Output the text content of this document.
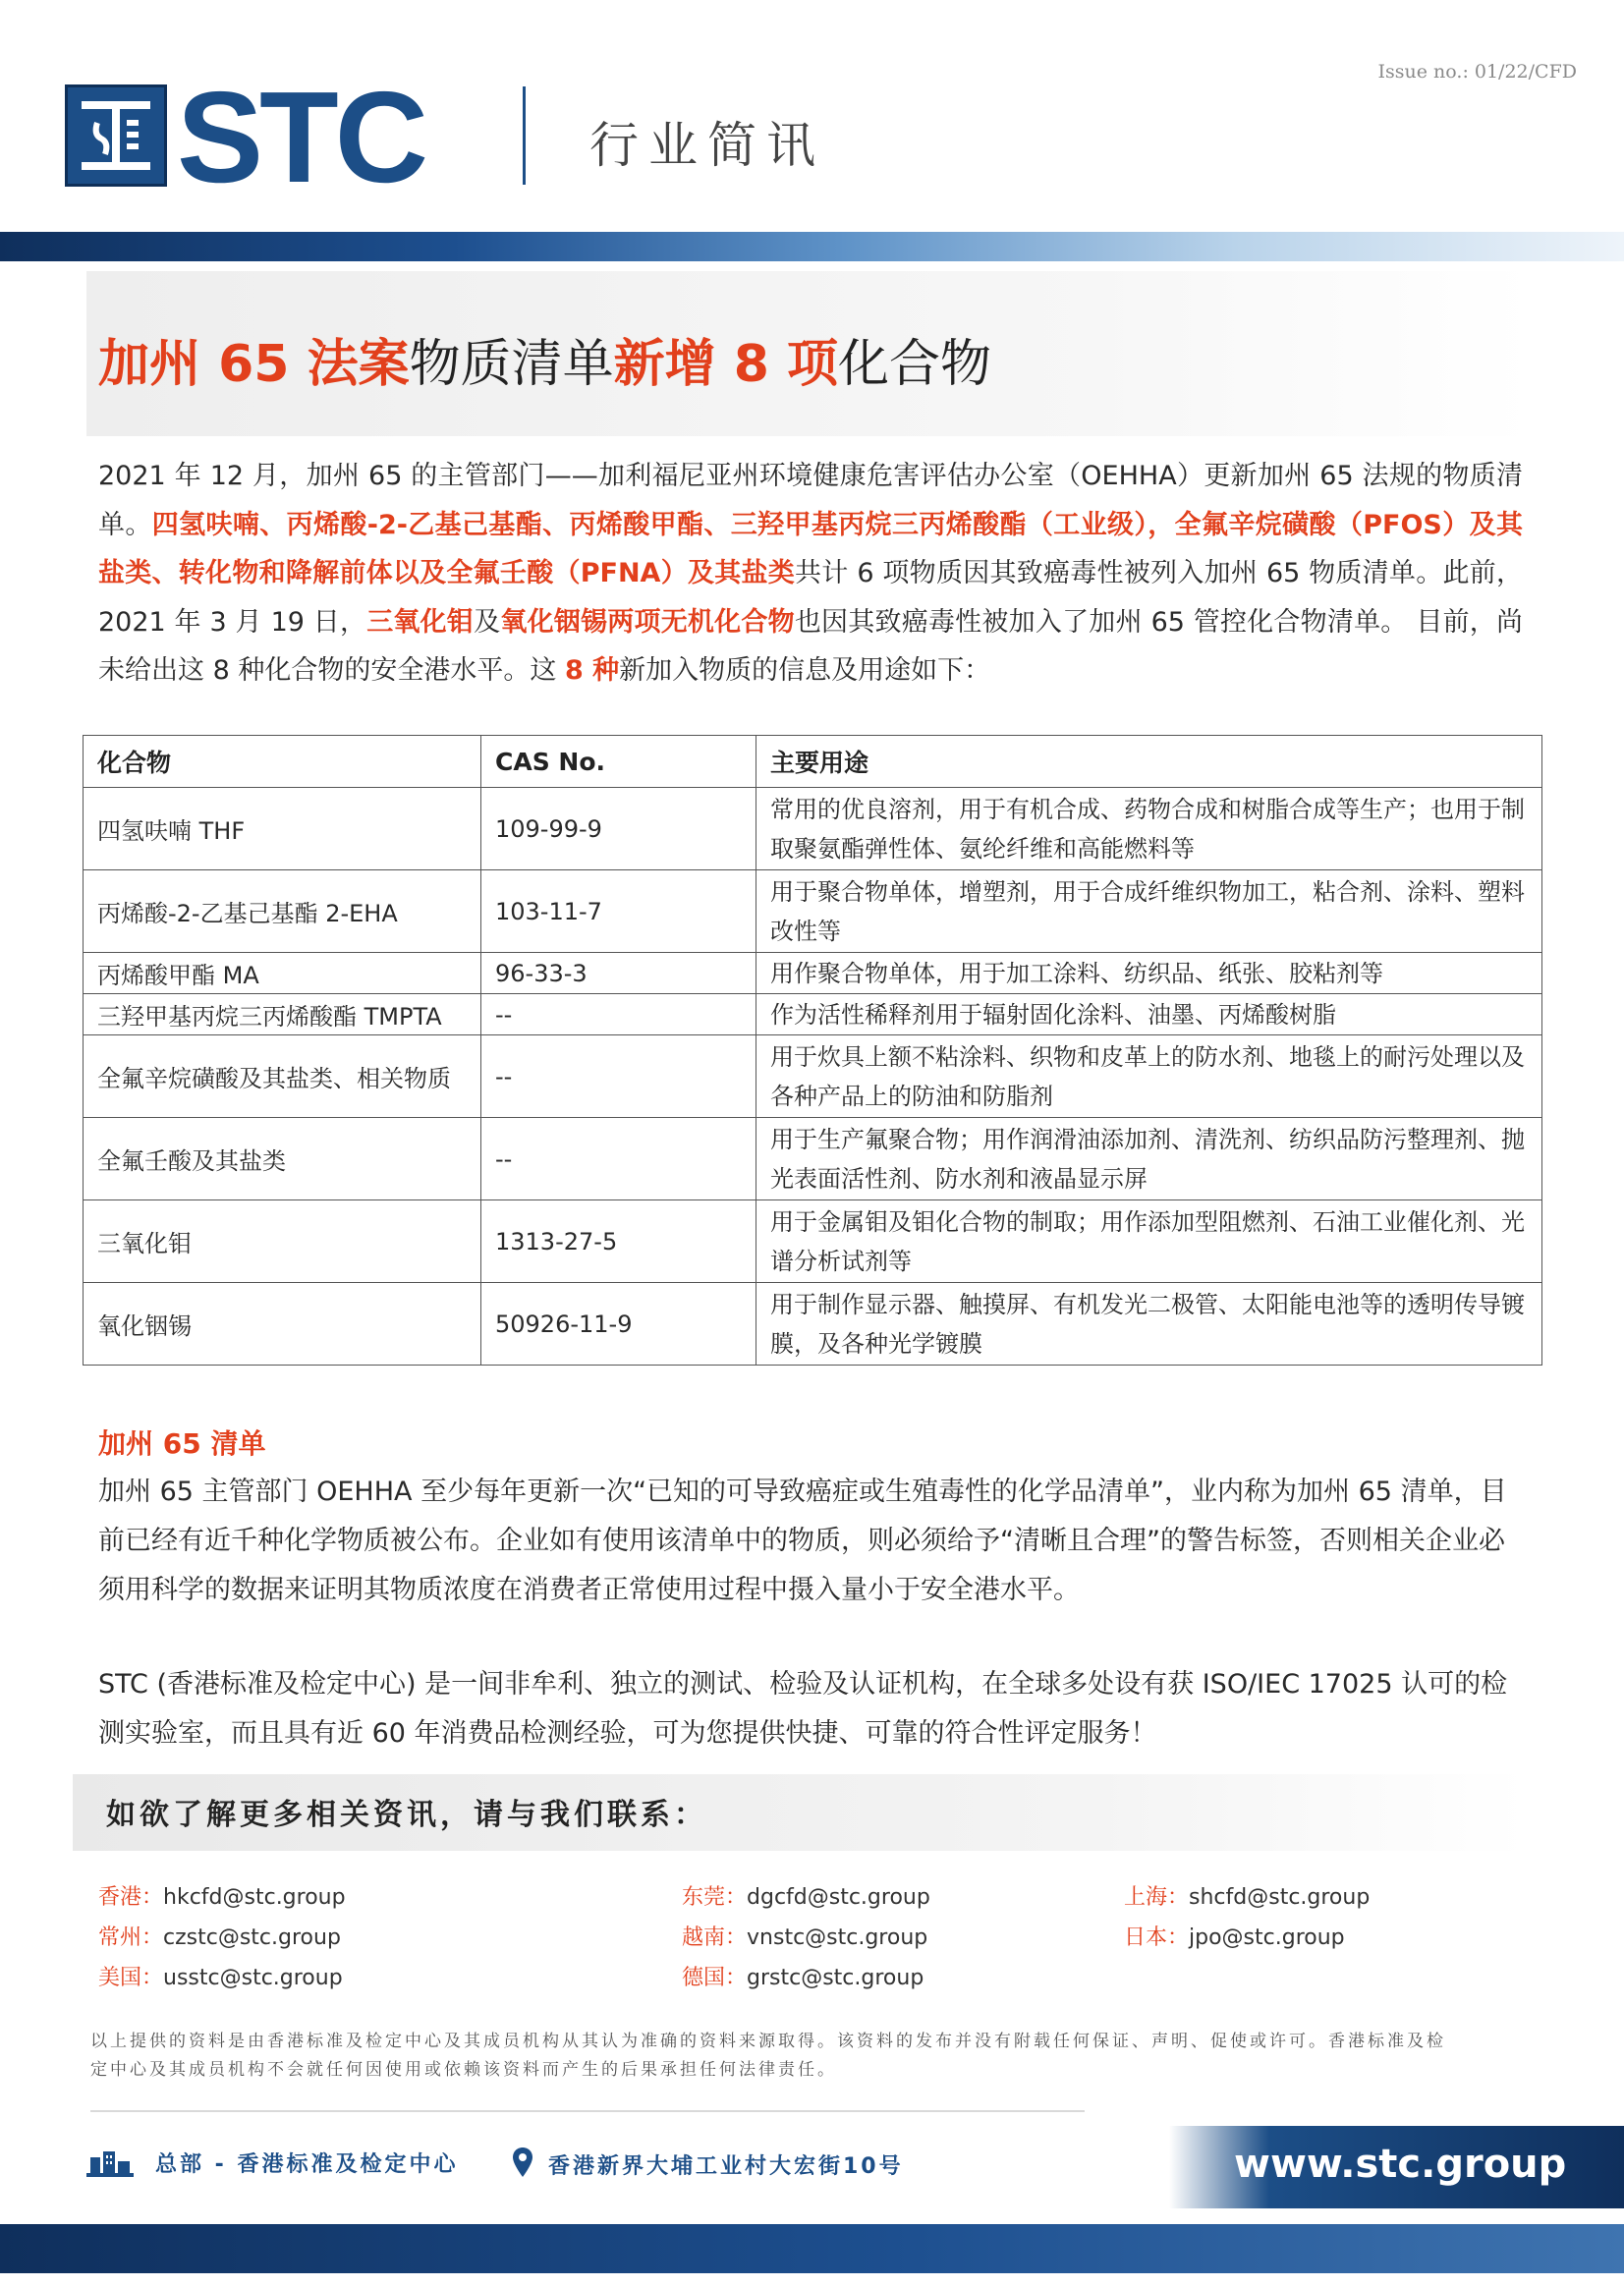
Issue no.: 01/22/CFD
STC	行业简讯
加州 65 法案物质清单新增 8 项化合物
2021 年 12 月，加州 65 的主管部门——加利福尼亚州环境健康危害评估办公室（OEHHA）更新加州 65 法规的物质清单。四氢呋喃、丙烯酸-2-乙基己基酯、丙烯酸甲酯、三羟甲基丙烷三丙烯酸酯（工业级），全氟辛烷磺酸（PFOS）及其盐类、转化物和降解前体以及全氟壬酸（PFNA）及其盐类共计 6 项物质因其致癌毒性被列入加州 65 物质清单。此前，2021 年 3 月 19 日，三氧化钼及氧化铟锡两项无机化合物也因其致癌毒性被加入了加州 65 管控化合物清单。 目前，尚未给出这 8 种化合物的安全港水平。这 8 种新加入物质的信息及用途如下：
化合物	CAS No.	主要用途
四氢呋喃 THF	109-99-9	常用的优良溶剂，用于有机合成、药物合成和树脂合成等生产；也用于制取聚氨酯弹性体、氨纶纤维和高能燃料等
丙烯酸-2-乙基己基酯 2-EHA	103-11-7	用于聚合物单体，增塑剂，用于合成纤维织物加工，粘合剂、涂料、塑料改性等
丙烯酸甲酯 MA	96-33-3	用作聚合物单体，用于加工涂料、纺织品、纸张、胶粘剂等
三羟甲基丙烷三丙烯酸酯 TMPTA	--	作为活性稀释剂用于辐射固化涂料、油墨、丙烯酸树脂
全氟辛烷磺酸及其盐类、相关物质	--	用于炊具上额不粘涂料、织物和皮革上的防水剂、地毯上的耐污处理以及各种产品上的防油和防脂剂
全氟壬酸及其盐类	--	用于生产氟聚合物；用作润滑油添加剂、清洗剂、纺织品防污整理剂、抛光表面活性剂、防水剂和液晶显示屏
三氧化钼	1313-27-5	用于金属钼及钼化合物的制取；用作添加型阻燃剂、石油工业催化剂、光谱分析试剂等
氧化铟锡	50926-11-9	用于制作显示器、触摸屏、有机发光二极管、太阳能电池等的透明传导镀膜，及各种光学镀膜
加州 65 清单
加州 65 主管部门 OEHHA 至少每年更新一次“已知的可导致癌症或生殖毒性的化学品清单”，业内称为加州 65 清单，目前已经有近千种化学物质被公布。企业如有使用该清单中的物质，则必须给予“清晰且合理”的警告标签，否则相关企业必须用科学的数据来证明其物质浓度在消费者正常使用过程中摄入量小于安全港水平。
STC (香港标准及检定中心) 是一间非牟利、独立的测试、检验及认证机构，在全球多处设有获 ISO/IEC 17025 认可的检测实验室，而且具有近 60 年消费品检测经验，可为您提供快捷、可靠的符合性评定服务！
如欲了解更多相关资讯，请与我们联系：
香港：hkcfd@stc.group	东莞：dgcfd@stc.group	上海：shcfd@stc.group
常州：czstc@stc.group	越南：vnstc@stc.group	日本：jpo@stc.group
美国：usstc@stc.group	德国：grstc@stc.group
以上提供的资料是由香港标准及检定中心及其成员机构从其认为准确的资料来源取得。该资料的发布并没有附载任何保证、声明、促使或许可。香港标准及检定中心及其成员机构不会就任何因使用或依赖该资料而产生的后果承担任何法律责任。
总部 - 香港标准及检定中心	香港新界大埔工业村大宏街10号	www.stc.group
